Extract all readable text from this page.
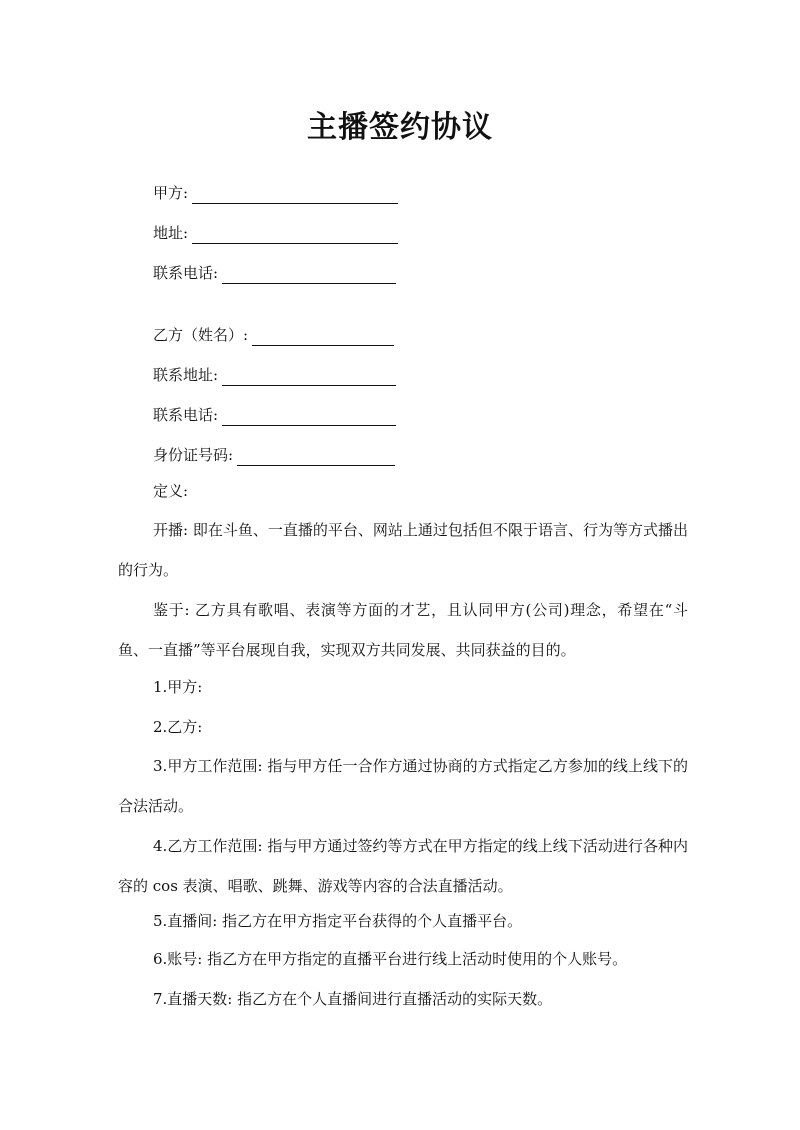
主播签约协议
甲方:
地址:
联系电话:
乙方（姓名）:
联系地址:
联系电话:
身份证号码:
定义:

开播: 即在斗鱼、一直播的平台、网站上通过包括但不限于语言、行为等方式播出的行为。

鉴于: 乙方具有歌唱、表演等方面的才艺，且认同甲方(公司)理念，希望在“斗鱼、一直播”等平台展现自我，实现双方共同发展、共同获益的目的。

1.甲方:
2.乙方:

3.甲方工作范围: 指与甲方任一合作方通过协商的方式指定乙方参加的线上线下的合法活动。

4.乙方工作范围: 指与甲方通过签约等方式在甲方指定的线上线下活动进行各种内容的 cos 表演、唱歌、跳舞、游戏等内容的合法直播活动。

5.直播间: 指乙方在甲方指定平台获得的个人直播平台。
6.账号: 指乙方在甲方指定的直播平台进行线上活动时使用的个人账号。
7.直播天数: 指乙方在个人直播间进行直播活动的实际天数。
